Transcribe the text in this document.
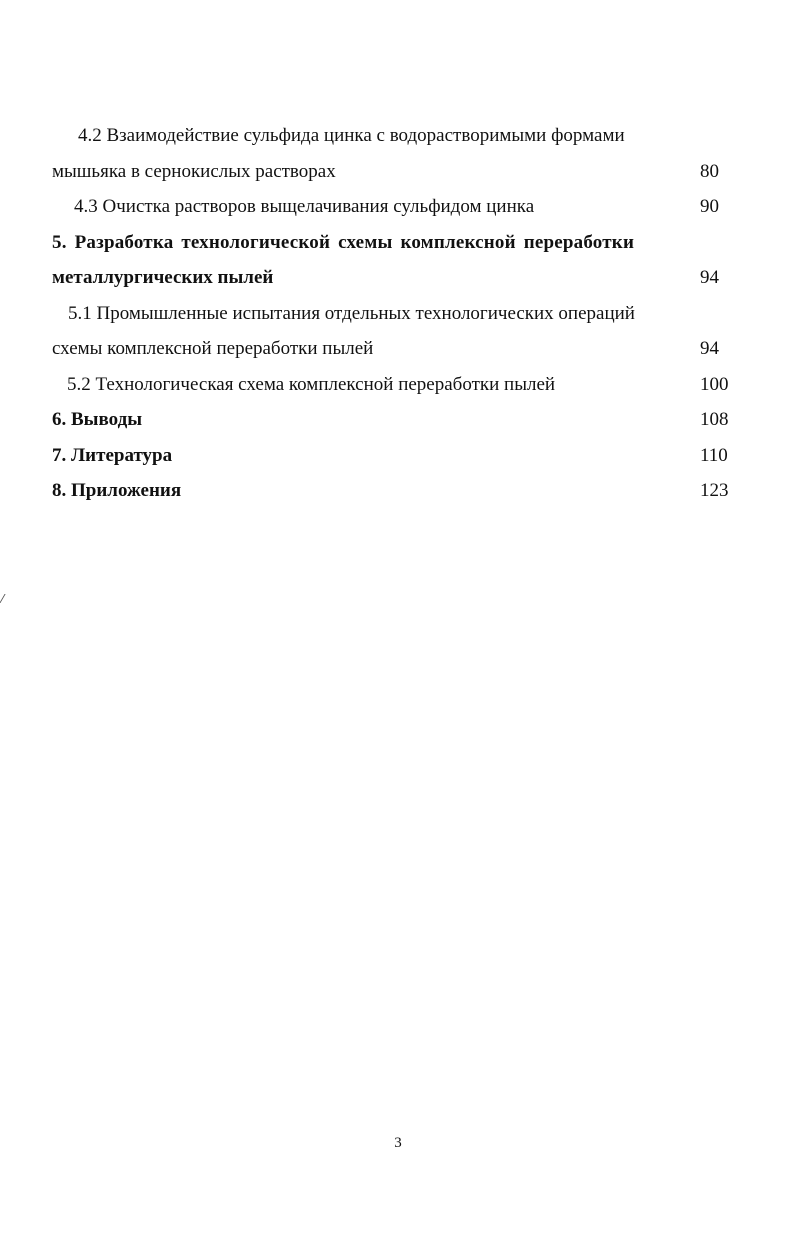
4.2 Взаимодействие сульфида цинка с водорастворимыми формами
мышьяка в сернокислых растворах	80
4.3 Очистка растворов выщелачивания сульфидом цинка	90
5. Разработка технологической схемы комплексной переработки
металлургических пылей	94
5.1 Промышленные испытания отдельных технологических операций
схемы комплексной переработки пылей	94
5.2 Технологическая схема комплексной переработки пылей	100
6. Выводы	108
7. Литература	110
8. Приложения	123
3
